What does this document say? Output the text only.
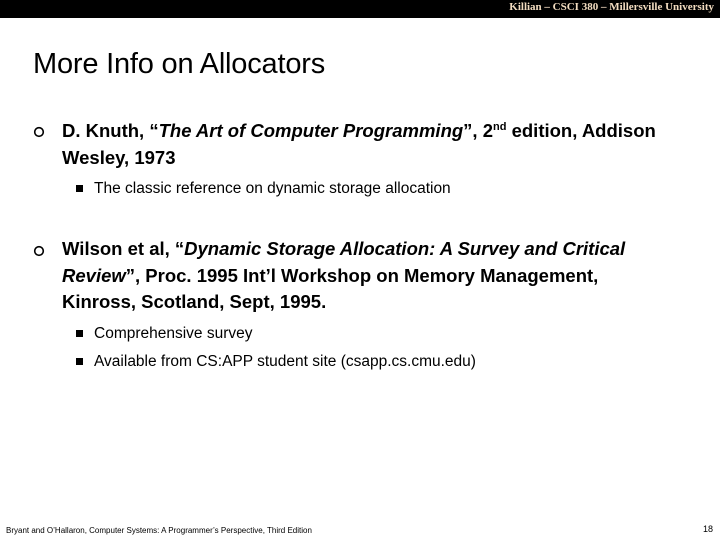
Killian – CSCI 380 – Millersville University
More Info on Allocators
D. Knuth, “The Art of Computer Programming”, 2nd edition, Addison Wesley, 1973
The classic reference on dynamic storage allocation
Wilson et al, “Dynamic Storage Allocation: A Survey and Critical Review”, Proc. 1995 Int’l Workshop on Memory Management, Kinross, Scotland, Sept, 1995.
Comprehensive survey
Available from CS:APP student site (csapp.cs.cmu.edu)
Bryant and O’Hallaron, Computer Systems: A Programmer’s Perspective, Third Edition	18
